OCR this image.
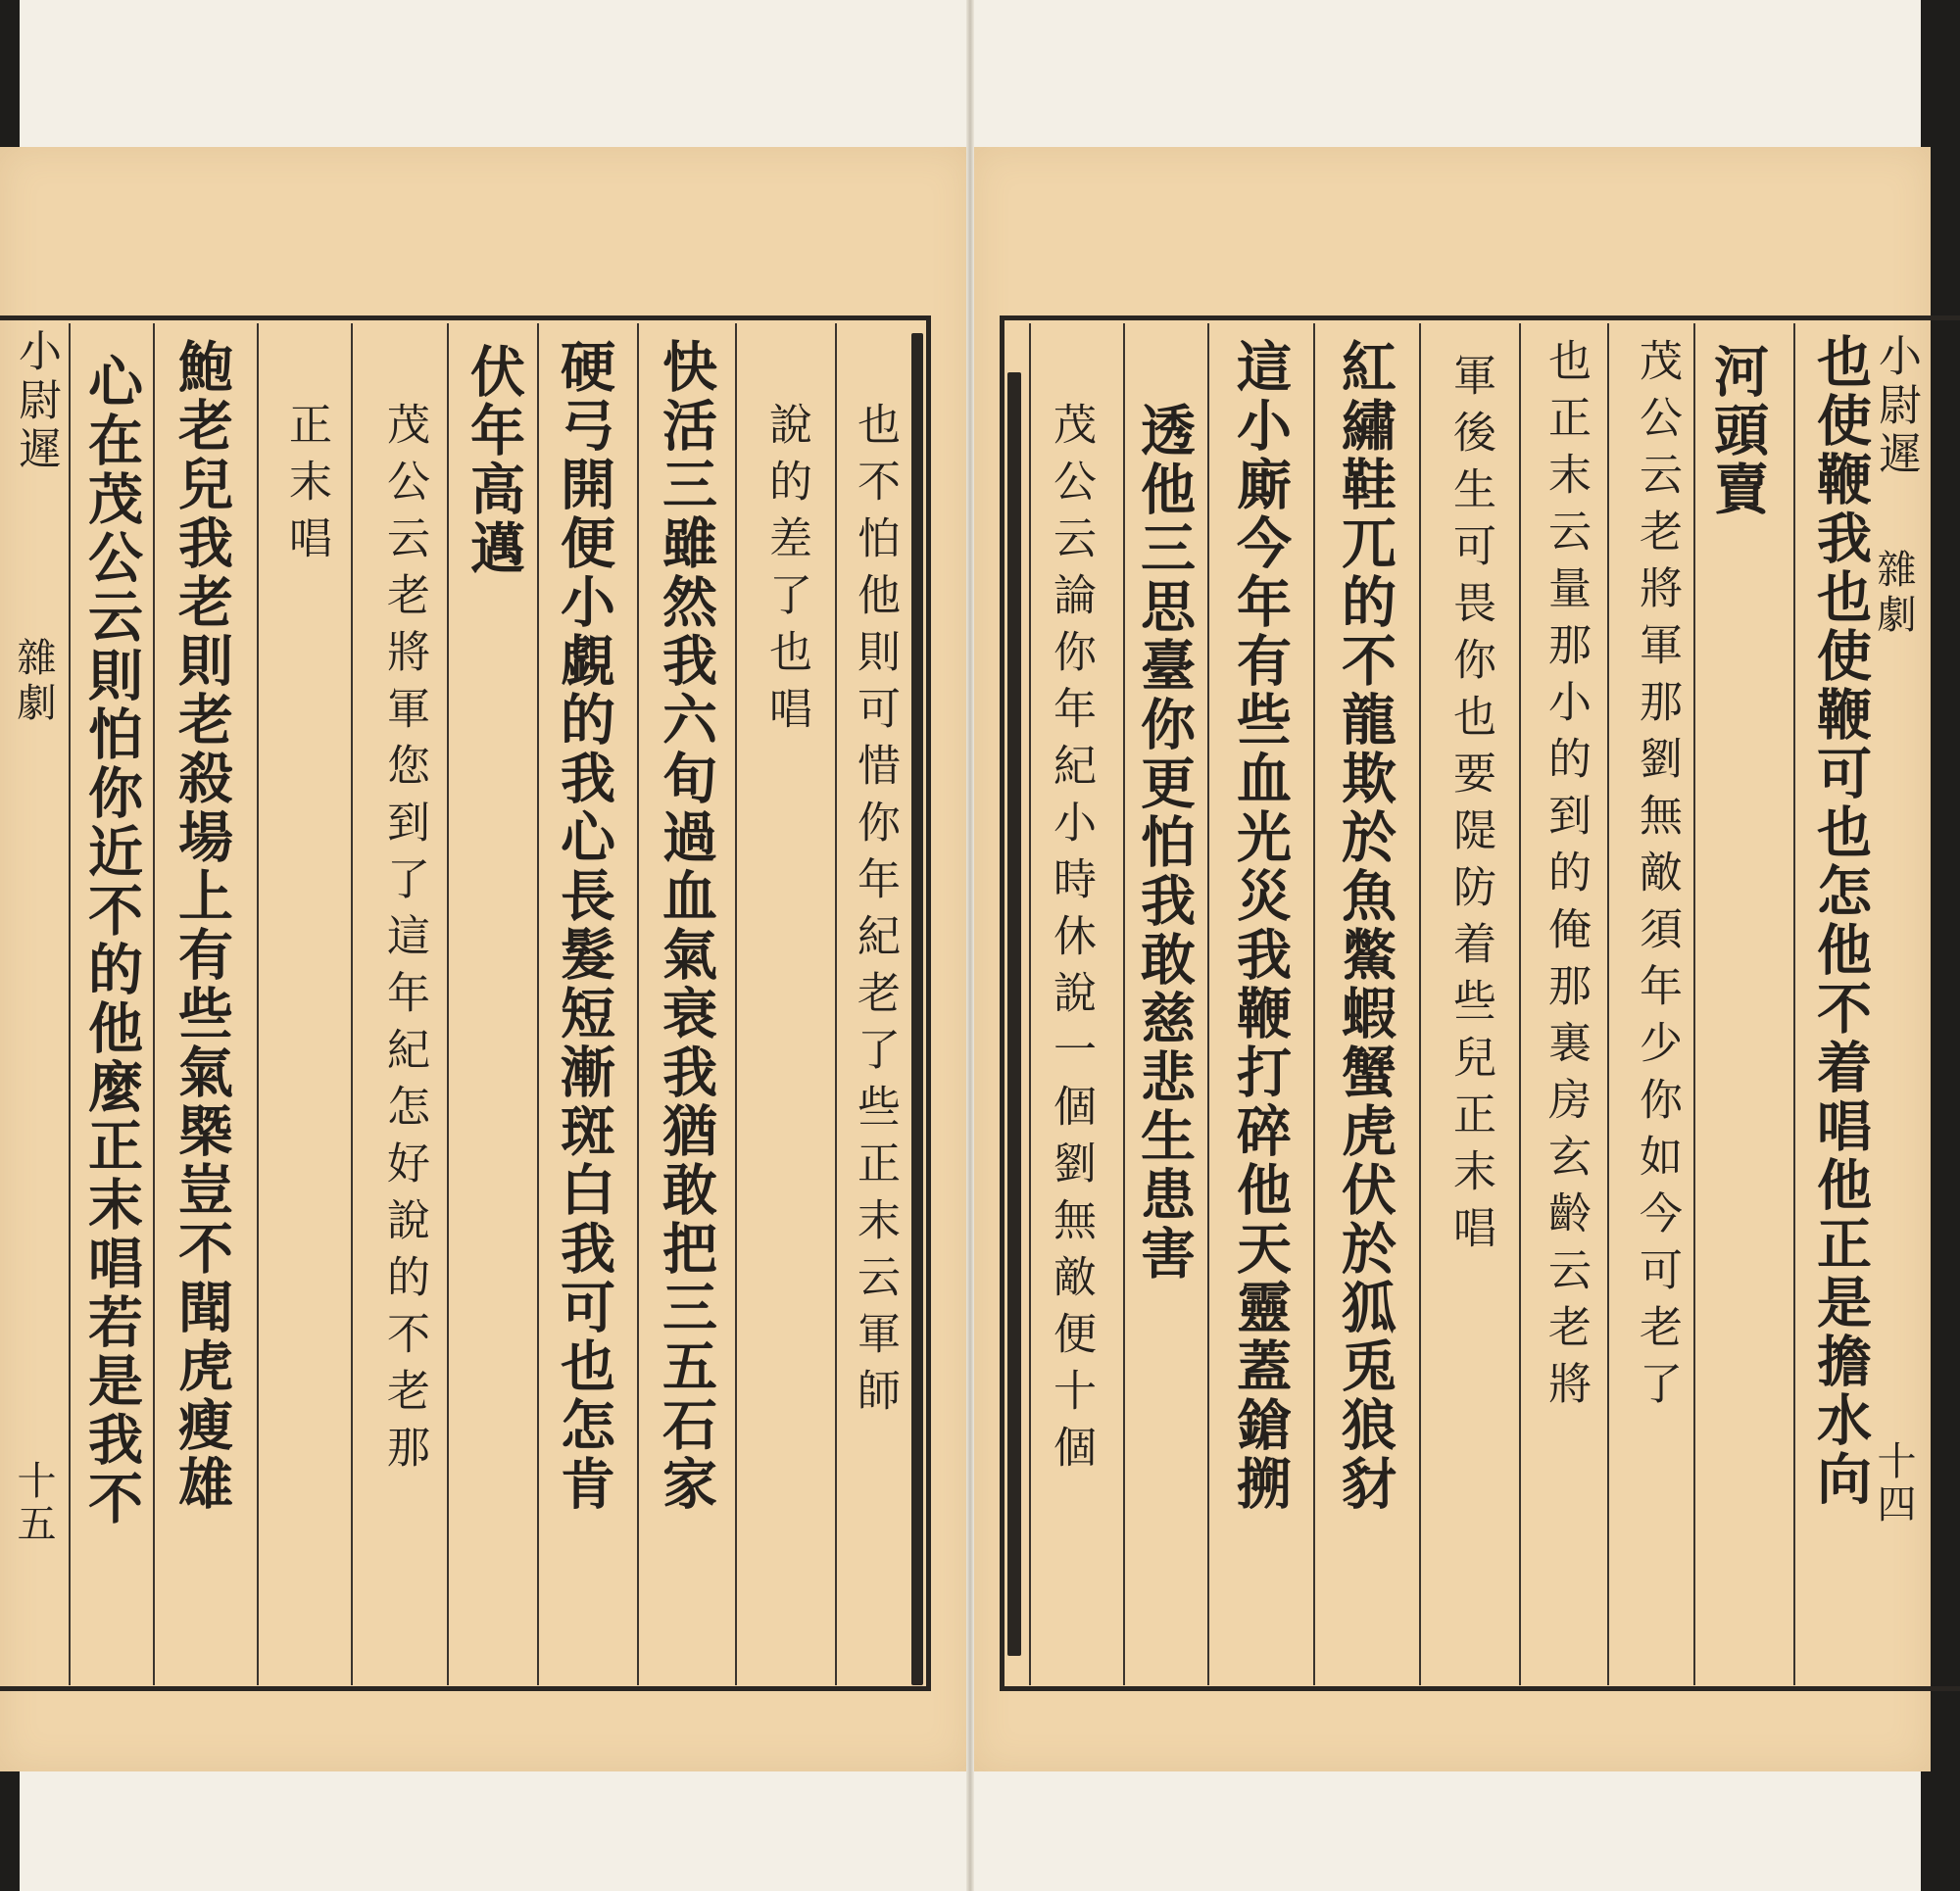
也使鞭我也使鞭可也怎他不着唱他正是擔水向
河頭賣
茂公云老將軍那劉無敵須年少你如今可老了
也正末云量那小的到的俺那裏房玄齡云老將
軍後生可畏你也要隄防着些兒正末唱
紅繡鞋兀的不龍欺於魚鱉蝦蟹虎伏於狐兎狼豺
這小廝今年有些血光災我鞭打碎他天靈蓋鎗搠
透他三思臺你更怕我敢慈悲生患害
茂公云論你年紀小時休說一個劉無敵便十個	小尉遲
雜劇
十四
也不怕他則可惜你年紀老了些正末云軍師
說的差了也唱
快活三雖然我六旬過血氣衰我猶敢把三五石家
硬弓開便小覷的我心長髮短漸斑白我可也怎肯
伏年高邁
茂公云老將軍您到了這年紀怎好說的不老那
正末唱
鮑老兒我老則老殺場上有些氣槩豈不聞虎瘦雄
心在茂公云則怕你近不的他麼正末唱若是我不
小尉遲
雜劇
十五
